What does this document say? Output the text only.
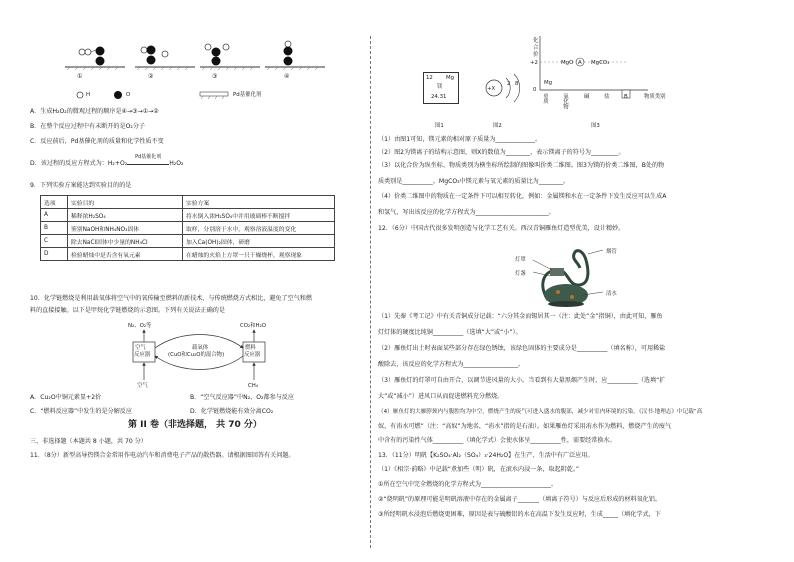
①	②	③	④
H	O	Pd基催化剂
A．生成H₂O₂的微观过程的顺序是④→③→①→②
B．在整个反应过程中有未断开的是O₂分子
C．反应前后，Pd基催化剂的质量和化学性质不变
D．该过程的反应方程式为：H₂+O₂
Pd基催化剂
H₂O₂
9．下列实验方案能达到实验目的的是
选项	实验目的	实验方案
A	稀释浓H₂SO₄	将水倒入浓H₂SO₄中并用玻璃棒不断搅拌
B	鉴别NaOH和NH₄NO₃固体	取样，分别溶于水中，观察溶液温度的变化
C	除去NaCl固体中少量的NH₄Cl	加入Ca(OH)₂固体，研磨
D	检验蜡烛中是否含有氧元素	在蜡烛的火焰上方罩一只干燥烧杯，观察现象
10．化学链燃烧是利用载氧体将空气中的氧传输至燃料的新技术，与传统燃烧方式相比，避免了空气和燃
料的直接接触。以下是甲烷化学链燃烧的示意图。下列有关说法正确的是
N₂、O₂等	CO₂和H₂O
空气
反应器
载氧体
(CuO和Cu₂O的混合物)
燃料
反应器
空气	CH₄
A．Cu₂O中铜元素显+2价	B．“空气反应器”中N₂、O₂都参与反应
C．“燃料反应器”中发生的是分解反应	D．化学链燃烧能有效分离CO₂
第 II 卷（非选择题， 共 70 分）
三、非选择题（本题共 8 小题，共 70 分）
11．（8分）新型高导热镁合金常用作电动汽车和消费电子产品的散热器。请根据图回答有关问题。
12 Mg
镁
24.31
+X
2 8
化
合
价
+2
0
MgO A MgCO₃
Mg
B
单质	氧化物	碱	盐	物质类别
图1	图2	图3
（1）由图1可知，镁元素的相对原子质量为_____________。
（2）图2为镁离子的结构示意图，则X的数值为________，表示镁离子的符号为_________。
（3）以化合价为纵坐标、物质类别为横坐标所绘制的图像叫价类二维图。图3为镁的价类二维图，B处的物
质类别是__________。MgCO₃中镁元素与氧元素的质量比为________。
（4）价类二维图中的物质在一定条件下可以相互转化，例如：金属镁和水在一定条件下发生反应可以生成A
和氢气，写出该反应的化学方程式为________________________。
12．（6分）中国古代很多发明创造与化学工艺有关。西汉青铜雁鱼灯造型优美，设计精妙。
灯罩
灯盏
烟管
清水
（1）先秦《考工记》中有关青铜成分记载：“六分其金而锡居其一（注：此处“金”指铜），由此可知，雁鱼
灯灯体的硬度比纯铜__________（选填“大”或“小”）。
（2）雁鱼灯出土时表面某些部分存在绿色锈蚀，该绿色固体的主要成分是__________（填名称），可用稀盐
酸除去，该反应的化学方程式为__________________。
（3）雁鱼灯的灯罩可自由开合，以调节进风量的大小。当看到有大量黑烟产生时，应__________（选填“扩
大”或“减小”）进风口从而促进燃料充分燃烧。
（4）雁鱼灯的大雁脖颈内与腹腔均为中空，燃烧产生的废气可进入盛水的腹部，减少对室内环境的污染。《汉书·地理志》中记载“高
奴，有洧水可燃”（注：“高奴”为地名，“洧水”指的是石油）。如果雁鱼灯采用洧水作为燃料，燃烧产生的废气
中含有的污染性气体__________（填化学式）会使水体呈__________性，需要经常换水。
13．（11分）明矾【K₂SO₄·Al₂（SO₄）₃·24H₂O】在生产、生活中有广泛应用。
（1）《相宗·前略》中记载“煮加些（明）矾，在滚水内浸一条，取起阴乾。”
①所在空气中完全燃烧的化学方程式为_______________________。
②“烧明矾”的原理可能是明矾溶液中存在的金属离子_______（填离子符号）与反应后形成的材料氧化铝。
③所经明矾水浸泡后燃烧更困难，原因是表与硫酸铝的水在高温下发生反应时，生成_____（填化学式，下
